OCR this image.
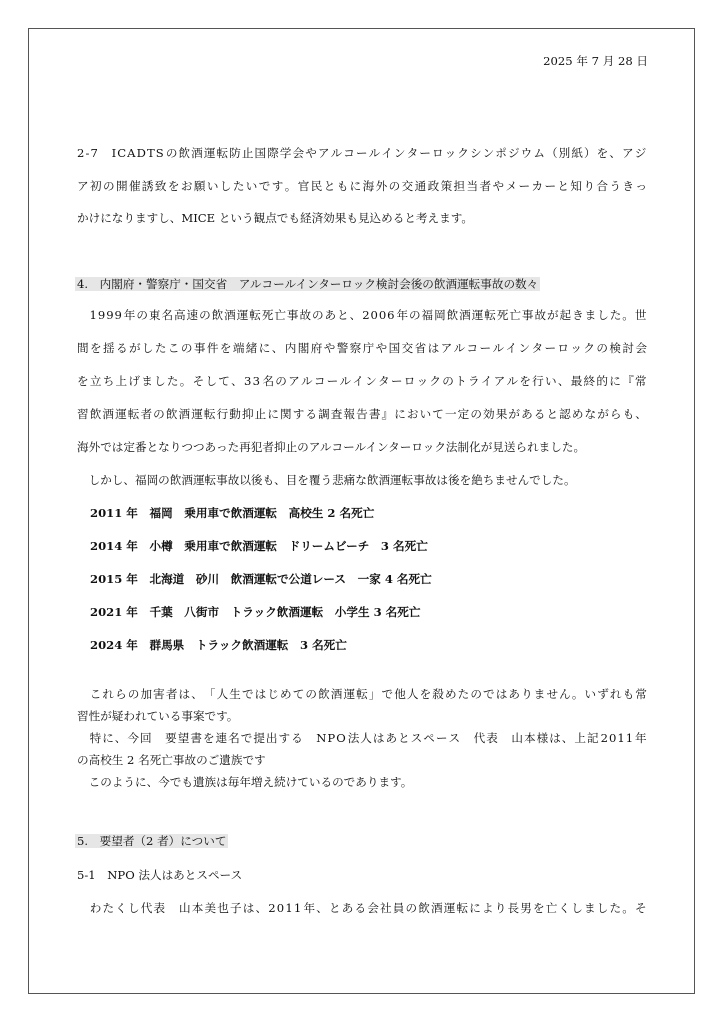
2025 年 7 月 28 日
2 - 7
　 I C A D T S の 飲 酒 運 転 防 止 国 際 学 会 や ア ル コ ー ル イ ン タ ー ロ ッ ク シ ン ポ ジ ウ ム （ 別 紙 ） を 、 ア ジ
ア 初 の 開 催 誘 致 を お 願 い し た い で す 。 官 民 と も に 海 外 の 交 通 政 策 担 当 者 や メ ー カ ー と 知 り 合 う き っ
かけになりますし、MICE という観点でも経済効果も見込めると考えます。
4.　内閣府・警察庁・国交省　アルコールインターロック検討会後の飲酒運転事故の数々

1 9 9 9 年 の 東 名 高 速 の 飲 酒 運 転 死 亡 事 故 の あ と 、 2 0 0 6 年 の 福 岡 飲 酒 運 転 死 亡 事 故 が 起 き ま し た 。 世
間 を 揺 る が し た こ の 事 件 を 端 緒 に 、 内 閣 府 や 警 察 庁 や 国 交 省 は ア ル コ ー ル イ ン タ ー ロ ッ ク の 検 討 会
を 立 ち 上 げ ま し た 。 そ し て 、 3 3 名 の ア ル コ ー ル イ ン タ ー ロ ッ ク の ト ラ イ ア ル を 行 い 、 最 終 的 に 『 常
習 飲 酒 運 転 者 の 飲 酒 運 転 行 動 抑 止 に 関 す る 調 査 報 告 書 』 に お い て 一 定 の 効 果 が あ る と 認 め な が ら も 、
海外では定番となりつつあった再犯者抑止のアルコールインターロック法制化が見送られました。
　しかし、福岡の飲酒運転事故以後も、目を覆う悲痛な飲酒運転事故は後を絶ちませんでした。
2011 年　福岡　乗用車で飲酒運転　高校生 2 名死亡
2014 年　小樽　乗用車で飲酒運転　ドリームビーチ　3 名死亡
2015 年　北海道　砂川　飲酒運転で公道レース　一家 4 名死亡
2021 年　千葉　八街市　トラック飲酒運転　小学生 3 名死亡
2024 年　群馬県　トラック飲酒運転　3 名死亡

こ れ ら の 加 害 者 は 、 「 人 生 で は じ め て の 飲 酒 運 転 」 で 他 人 を 殺 め た の で は あ り ま せ ん 。 い ず れ も 常
習性が疑われている事案です。

特 に 、 今 回
　 要 望 書 を 連 名 で 提 出 す る
　 N P O 法 人 は あ と ス ペ ー ス
　 代 表
　 山 本 様 は 、 上 記 2 0 1 1 年
の高校生 2 名死亡事故のご遺族です
　このように、今でも遺族は毎年増え続けているのであります。
5.　要望者（2 者）について
5-1　NPO 法人はあとスペース

わ た く し 代 表
　 山 本 美 也 子 は 、 2 0 1 1 年 、 と あ る 会 社 員 の 飲 酒 運 転 に よ り 長 男 を 亡 く し ま し た 。 そ
